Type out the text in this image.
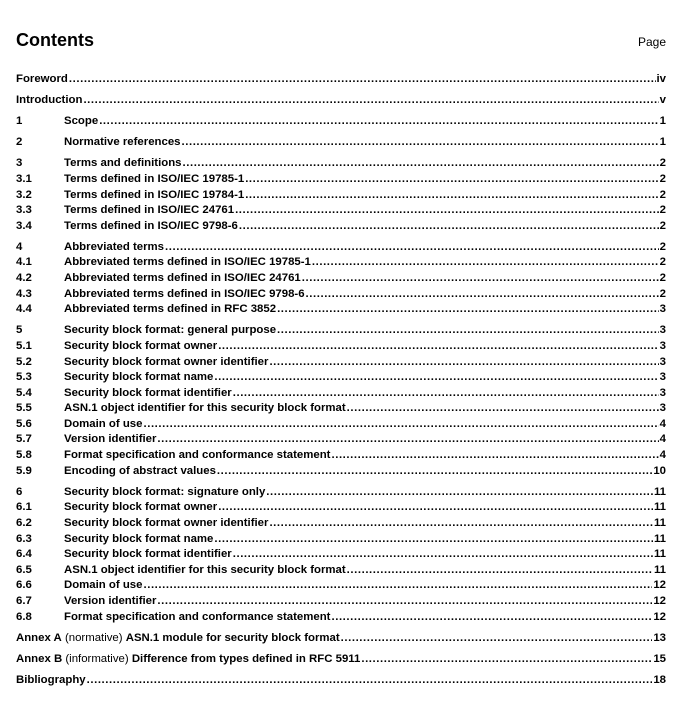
Contents	Page
Foreword . . .	iv
Introduction . . .	v
1	Scope . . .	1
2	Normative references . . .	1
3	Terms and definitions . . .	2
3.1	Terms defined in ISO/IEC 19785-1 . . .	2
3.2	Terms defined in ISO/IEC 19784-1 . . .	2
3.3	Terms defined in ISO/IEC 24761 . . .	2
3.4	Terms defined in ISO/IEC 9798-6 . . .	2
4	Abbreviated terms . . .	2
4.1	Abbreviated terms defined in ISO/IEC 19785-1 . . .	2
4.2	Abbreviated terms defined in ISO/IEC 24761 . . .	2
4.3	Abbreviated terms defined in ISO/IEC 9798-6 . . .	2
4.4	Abbreviated terms defined in RFC 3852 . . .	3
5	Security block format: general purpose . . .	3
5.1	Security block format owner . . .	3
5.2	Security block format owner identifier . . .	3
5.3	Security block format name . . .	3
5.4	Security block format identifier . . .	3
5.5	ASN.1 object identifier for this security block format . . .	3
5.6	Domain of use . . .	4
5.7	Version identifier . . .	4
5.8	Format specification and conformance statement . . .	4
5.9	Encoding of abstract values . . .	10
6	Security block format: signature only . . .	11
6.1	Security block format owner . . .	11
6.2	Security block format owner identifier . . .	11
6.3	Security block format name . . .	11
6.4	Security block format identifier . . .	11
6.5	ASN.1 object identifier for this security block format . . .	11
6.6	Domain of use . . .	12
6.7	Version identifier . . .	12
6.8	Format specification and conformance statement . . .	12
Annex A (normative) ASN.1 module for security block format . . .	13
Annex B (informative) Difference from types defined in RFC 5911 . . .	15
Bibliography . . .	18
